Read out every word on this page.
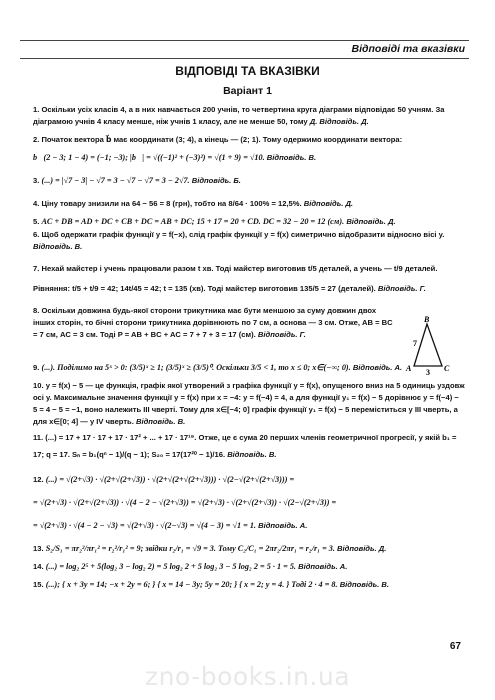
Відповіді та вказівки
ВІДПОВІДІ ТА ВКАЗІВКИ
Варіант 1
1. Оскільки усіх класів 4, а в них навчається 200 учнів, то четвертина круга діаграми відповідає 50 учням. За діаграмою учнів 4 класу менше, ніж учнів 1 класу, але не менше 50, тому Д. Відповідь. Д.
2. Початок вектора b⃗ має координати (3; 4), а кінець — (2; 1). Тому одержимо координати вектора:
b⃗(2 − 3; 1 − 4) = (−1; −3); |b⃗| = √((−1)² + (−3)²) = √(1 + 9) = √10. Відповідь. В.
3. (...) = |√7 − 3| − √7 = 3 − √7 − √7 = 3 − 2√7. Відповідь. Б.
4. Ціну товару знизили на 64 − 56 = 8 (грн), тобто на 8/64 · 100% = 12,5%. Відповідь. Д.
5. AC + DB = AD + DC + CB + DC = AB + DC; 15 + 17 = 20 + CD. DC = 32 − 20 = 12 (см). Відповідь. Д.
6. Щоб одержати графік функції y = f(−x), слід графік функції y = f(x) симетрично відобразити відносно вісі y. Відповідь. В.
7. Нехай майстер і учень працювали разом t хв. Тоді майстер виготовив t/5 деталей, а учень — t/9 деталей. Рівняння: t/5 + t/9 = 42; 14t/45 = 42; t = 135 (хв). Тоді майстер виготовив 135/5 = 27 (деталей). Відповідь. Г.
8. Оскільки довжина будь-якої сторони трикутника має бути меншою за суму довжин двох інших сторін, то бічні сторони трикутника дорівнюють по 7 см, а основа — 3 см. Отже, AB = BC = 7 см, AC = 3 см. Тоді P = AB + BC + AC = 7 + 7 + 3 = 17 (см). Відповідь. Г.
9. (...). Поділимо на 5ˣ > 0: (3/5)ˣ ≥ 1; (3/5)ˣ ≥ (3/5)⁰. Оскільки 3/5 < 1, то x ≤ 0; x∈(−∞; 0). Відповідь. А.
10. y = f(x) − 5 — це функція, графік якої утворений з графіка функції y = f(x), опущеного вниз на 5 одиниць уздовж осі y. Максимальне значення функції y = f(x) при x = −4: y = f(−4) = 4, а для функції y₁ = f(x) − 5 дорівнює y = f(−4) − 5 = 4 − 5 = −1, воно належить III чверті. Тому для x∈[−4; 0] графік функції y₁ = f(x) − 5 переміститься у III чверть, а для x∈[0; 4] — у IV чверть. Відповідь. В.
11. (...) = 17 + 17 · 17 + 17 · 17² + ... + 17 · 17¹⁹. Отже, це є сума 20 перших членів геометричної прогресії, у якій b₁ = 17; q = 17. Sₙ = b₁(qⁿ − 1)/(q − 1); S₂₀ = 17(17²⁰ − 1)/16. Відповідь. В.
12. (...) = √(2+√3) · √(2+√(2+√3)) · √(2+√(2+√(2+√3))) · √(2−√(2+√(2+√3))) =
= √(2+√3) · √(2+√(2+√3)) · √(4 − 2 − √(2+√3)) = √(2+√3) · √(2+√(2+√3)) · √(2−√(2+√3)) =
= √(2+√3) · √(4 − 2 − √3) = √(2+√3) · √(2−√3) = √(4 − 3) = √1 = 1. Відповідь. А.
13. S₂/S₁ = πr₂²/πr₁² = r₂²/r₁² = 9; звідки r₂/r₁ = √9 = 3. Тому C₂/C₁ = 2πr₂/2πr₁ = r₂/r₁ = 3. Відповідь. Д.
14. (...) = log₂ 2⁵ + 5(log₂ 3 − log₂ 2) = 5 log₂ 2 + 5 log₂ 3 − 5 log₂ 2 = 5 · 1 = 5. Відповідь. А.
15. (...); { x + 3y = 14; −x + 2y = 6; } { x = 14 − 3y; 5y = 20; } { x = 2; y = 4. } Тоді 2 · 4 = 8. Відповідь. В.
B
A	C
7
3
67
zno-books.in.ua
